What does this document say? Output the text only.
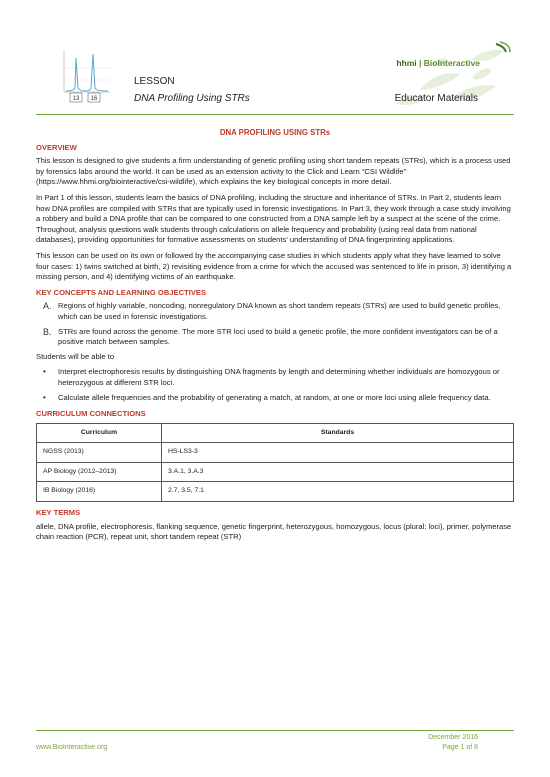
13 16
hhmi | BioInteractive
LESSON
DNA Profiling Using STRs	Educator Materials
DNA PROFILING USING STRs
OVERVIEW

This lesson is designed to give students a firm understanding of genetic profiling using short tandem repeats (STRs), which is a process used by forensics labs around the world. It can be used as an extension activity to the Click and Learn “CSI Wildlife” (https://www.hhmi.org/biointeractive/csi-wildlife), which explains the key biological concepts in more detail.

In Part 1 of this lesson, students learn the basics of DNA profiling, including the structure and inheritance of STRs. In Part 2, students learn how DNA profiles are compiled with STRs that are typically used in forensic investigations. In Part 3, they work through a case study involving a robbery and build a DNA profile that can be compared to one constructed from a DNA sample left by a suspect at the scene of the crime. Throughout, analysis questions walk students through calculations on allele frequency and probability (using real data from national databases), providing opportunities for formative assessments on students’ understanding of DNA fingerprinting applications.

This lesson can be used on its own or followed by the accompanying case studies in which students apply what they have learned to solve four cases: 1) twins switched at birth, 2) revisiting evidence from a crime for which the accused was sentenced to life in prison, 3) identifying a missing person, and 4) identifying victims of an earthquake.

KEY CONCEPTS AND LEARNING OBJECTIVES
A. Regions of highly variable, noncoding, nonregulatory DNA known as short tandem repeats (STRs) are used to build genetic profiles, which can be used in forensic investigations.
B. STRs are found across the genome. The more STR loci used to build a genetic profile, the more confident investigators can be of a positive match between samples.

Students will be able to

• Interpret electrophoresis results by distinguishing DNA fragments by length and determining whether individuals are homozygous or heterozygous at different STR loci.
• Calculate allele frequencies and the probability of generating a match, at random, at one or more loci using allele frequency data.
CURRICULUM CONNECTIONS
Curriculum	Standards
NGSS (2013)	HS-LS3-3
AP Biology (2012–2013)	3.A.1, 3.A.3
IB Biology (2016)	2.7, 3.5, 7.1
KEY TERMS

allele, DNA profile, electrophoresis, flanking sequence, genetic fingerprint, heterozygous, homozygous, locus (plural: loci), primer, polymerase chain reaction (PCR), repeat unit, short tandem repeat (STR)

December 2016
www.BioInteractive.org	Page 1 of 8
